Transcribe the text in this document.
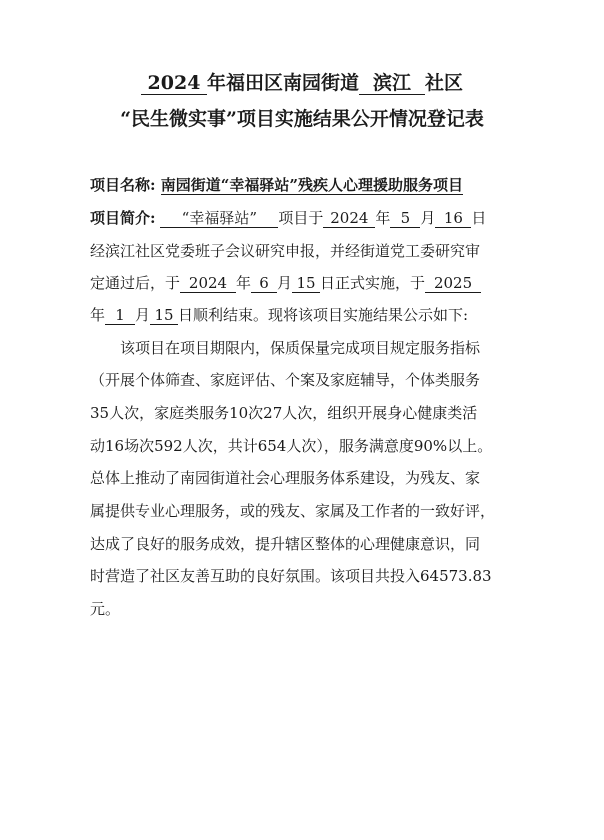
2024 年福田区南园街道 滨江 社区
“民生微实事”项目实施结果公开情况登记表
项目名称: 南园街道“幸福驿站”残疾人心理援助服务项目
项目简介: “幸福驿站” 项目于 2024 年 5 月 16 日
经滨江社区党委班子会议研究申报，并经街道党工委研究审
定通过后，于 2024 年 6 月 15 日正式实施，于 2025
年 1 月 15 日顺利结束。现将该项目实施结果公示如下:
该项目在项目期限内，保质保量完成项目规定服务指标
（开展个体筛查、家庭评估、个案及家庭辅导，个体类服务
35人次，家庭类服务10次27人次，组织开展身心健康类活
动16场次592人次，共计654人次），服务满意度90%以上。
总体上推动了南园街道社会心理服务体系建设，为残友、家
属提供专业心理服务，或的残友、家属及工作者的一致好评，
达成了良好的服务成效，提升辖区整体的心理健康意识，同
时营造了社区友善互助的良好氛围。该项目共投入64573.83
元。
